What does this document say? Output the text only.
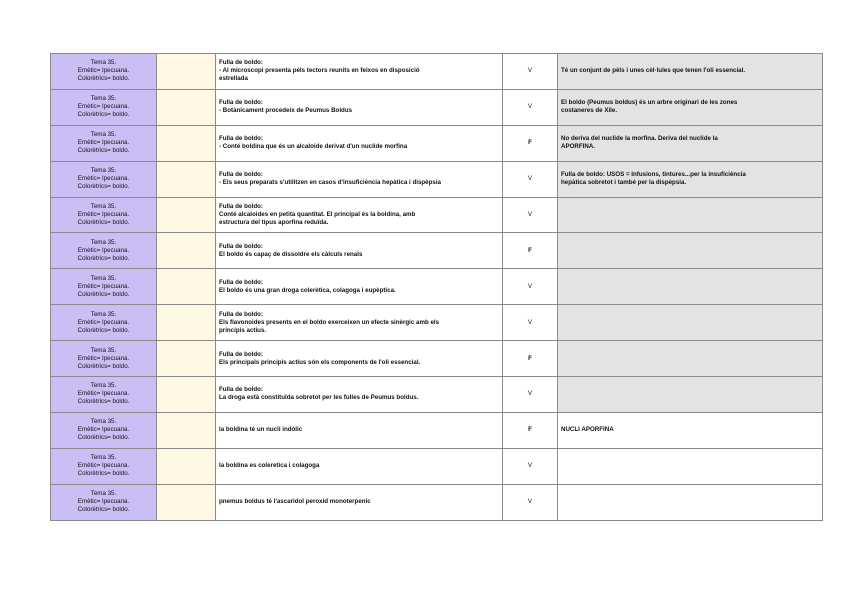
Tema 35.
Emètic= Ipecuana.
Colorètrics= boldo.		Fulla de boldo:
- Al microscopi presenta pèls tectors reunits en feixos en disposició
estrellada	V	Té un conjunt de pèls i unes cèl·lules que tenen l'oli essencial.

Tema 35.
Emètic= Ipecuana.
Colorètrics= boldo.		Fulla de boldo:
- Botànicament procedeix de Peumus Boldus	V	El boldo (Peumus boldus) és un arbre originari de les zones
costaneres de Xile.

Tema 35.
Emètic= Ipecuana.
Colorètrics= boldo.		Fulla de boldo:
- Conté boldina que és un alcaloide derivat d'un nuclide morfina	F	No deriva del nuclide la morfina. Deriva del nuclide la
APORFINA.

Tema 35.
Emètic= Ipecuana.
Colorètrics= boldo.		Fulla de boldo:
- Els seus preparats s'utilitzen en casos d'insuficiència hepàtica i dispèpsia	V	Fulla de boldo: USOS = Infusions, tintures...per la insuficiència
hepàtica sobretot i també per la dispèpsia.

Tema 35.
Emètic= Ipecuana.
Colorètrics= boldo.		Fulla de boldo:
Conté alcaloides en petita quantitat. El principal és la boldina, amb
estructura del tipus aporfina reduïda.	V	

Tema 35.
Emètic= Ipecuana.
Colorètrics= boldo.		Fulla de boldo:
El boldo és capaç de dissoldre els càlculs renals	F	

Tema 35.
Emètic= Ipecuana.
Colorètrics= boldo.		Fulla de boldo:
El boldo és una gran droga colerètica, colagoga i eupèptica.	V	

Tema 35.
Emètic= Ipecuana.
Colorètrics= boldo.		Fulla de boldo:
Els flavonoides presents en el boldo exerceixen un efecte sinèrgic amb els
principis actius.	V	

Tema 35.
Emètic= Ipecuana.
Colorètrics= boldo.		Fulla de boldo:
Els principals principis actius són els components de l'oli essencial.	F	

Tema 35.
Emètic= Ipecuana.
Colorètrics= boldo.		Fulla de boldo:
La droga està constituïda sobretot per les fulles de Peumus boldus.	V	

Tema 35.
Emètic= Ipecuana.
Colorètrics= boldo.		la boldina té un nucli indòlic	F	NUCLI APORFINA

Tema 35.
Emètic= Ipecuana.
Colorètrics= boldo.		la boldina es coleretica i colagoga	V	

Tema 35.
Emètic= Ipecuana.
Colorètrics= boldo.		pnemus boldus té l'ascaridol peroxid monoterpenic	V	
